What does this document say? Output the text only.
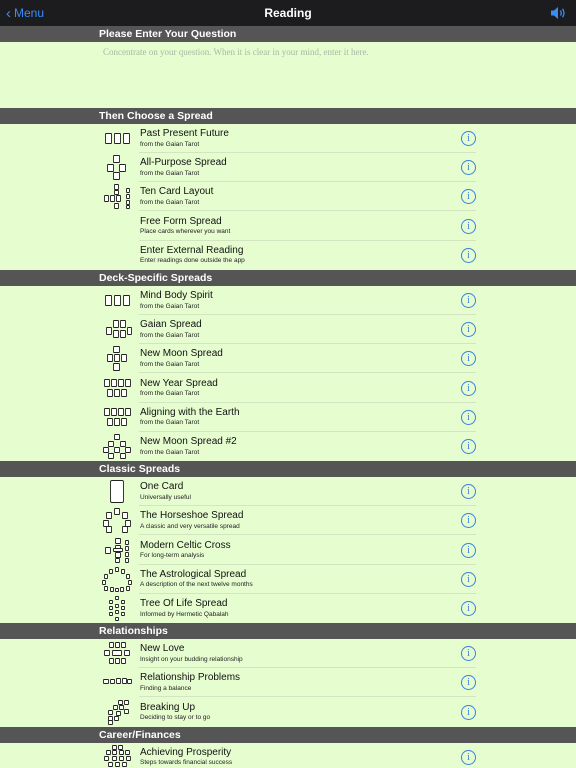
‹ Menu	Reading
Please Enter Your Question
Concentrate on your question. When it is clear in your mind, enter it here.
Then Choose a Spread
Past Present Future
from the Gaian Tarot	i
All-Purpose Spread
from the Gaian Tarot	i
Ten Card Layout
from the Gaian Tarot	i
Free Form Spread
Place cards wherever you want	i
Enter External Reading
Enter readings done outside the app	i
Deck-Specific Spreads
Mind Body Spirit
from the Gaian Tarot	i
Gaian Spread
from the Gaian Tarot	i
New Moon Spread
from the Gaian Tarot	i
New Year Spread
from the Gaian Tarot	i
Aligning with the Earth
from the Gaian Tarot	i
New Moon Spread #2
from the Gaian Tarot	i
Classic Spreads
One Card
Universally useful	i
The Horseshoe Spread
A classic and very versatile spread	i
Modern Celtic Cross
For long-term analysis	i
The Astrological Spread
A description of the next twelve months	i
Tree Of Life Spread
Informed by Hermetic Qabalah	i
Relationships
New Love
Insight on your budding relationship	i
Relationship Problems
Finding a balance	i
Breaking Up
Deciding to stay or to go	i
Career/Finances
Achieving Prosperity
Steps towards financial success	i
